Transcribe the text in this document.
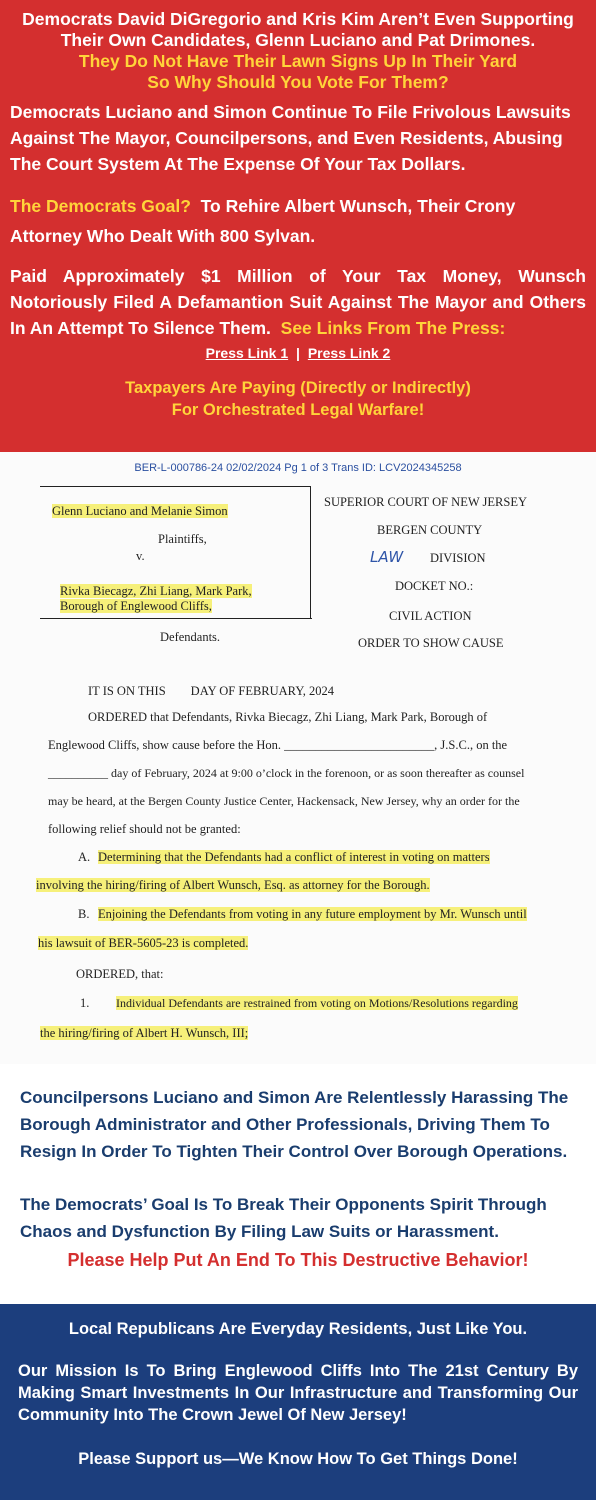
Democrats David DiGregorio and Kris Kim Aren’t Even Supporting
Their Own Candidates, Glenn Luciano and Pat Drimones.
They Do Not Have Their Lawn Signs Up In Their Yard
So Why Should You Vote For Them?
Democrats Luciano and Simon Continue To File Frivolous Lawsuits Against The Mayor, Councilpersons, and Even Residents, Abusing The Court System At The Expense Of Your Tax Dollars.
The Democrats Goal? To Rehire Albert Wunsch, Their Crony Attorney Who Dealt With 800 Sylvan.
Paid Approximately $1 Million of Your Tax Money, Wunsch Notoriously Filed A Defamantion Suit Against The Mayor and Others In An Attempt To Silence Them. See Links From The Press:
Press Link 1 | Press Link 2
Taxpayers Are Paying (Directly or Indirectly)
For Orchestrated Legal Warfare!
BER-L-000786-24 02/02/2024 Pg 1 of 3 Trans ID: LCV2024345258
Glenn Luciano and Melanie Simon
Plaintiffs,
v.
Rivka Biecagz, Zhi Liang, Mark Park,
Borough of Englewood Cliffs,
Defendants.
SUPERIOR COURT OF NEW JERSEY
BERGEN COUNTY
LAW DIVISION
DOCKET NO.:
CIVIL ACTION
ORDER TO SHOW CAUSE
IT IS ON THIS        DAY OF FEBRUARY, 2024
ORDERED that Defendants, Rivka Biecagz, Zhi Liang, Mark Park, Borough of
Englewood Cliffs, show cause before the Hon. ________________________, J.S.C., on the
__________ day of February, 2024 at 9:00 o’clock in the forenoon, or as soon thereafter as counsel
may be heard, at the Bergen County Justice Center, Hackensack, New Jersey, why an order for the
following relief should not be granted:
A. Determining that the Defendants had a conflict of interest in voting on matters
involving the hiring/firing of Albert Wunsch, Esq. as attorney for the Borough.
B. Enjoining the Defendants from voting in any future employment by Mr. Wunsch until
his lawsuit of BER-5605-23 is completed.
ORDERED, that:
1. Individual Defendants are restrained from voting on Motions/Resolutions regarding
the hiring/firing of Albert H. Wunsch, III;
Councilpersons Luciano and Simon Are Relentlessly Harassing The Borough Administrator and Other Professionals, Driving Them To Resign In Order To Tighten Their Control Over Borough Operations.
The Democrats’ Goal Is To Break Their Opponents Spirit Through Chaos and Dysfunction By Filing Law Suits or Harassment.
Please Help Put An End To This Destructive Behavior!
Local Republicans Are Everyday Residents, Just Like You.
Our Mission Is To Bring Englewood Cliffs Into The 21st Century By Making Smart Investments In Our Infrastructure and Transforming Our Community Into The Crown Jewel Of New Jersey!
Please Support us—We Know How To Get Things Done!
